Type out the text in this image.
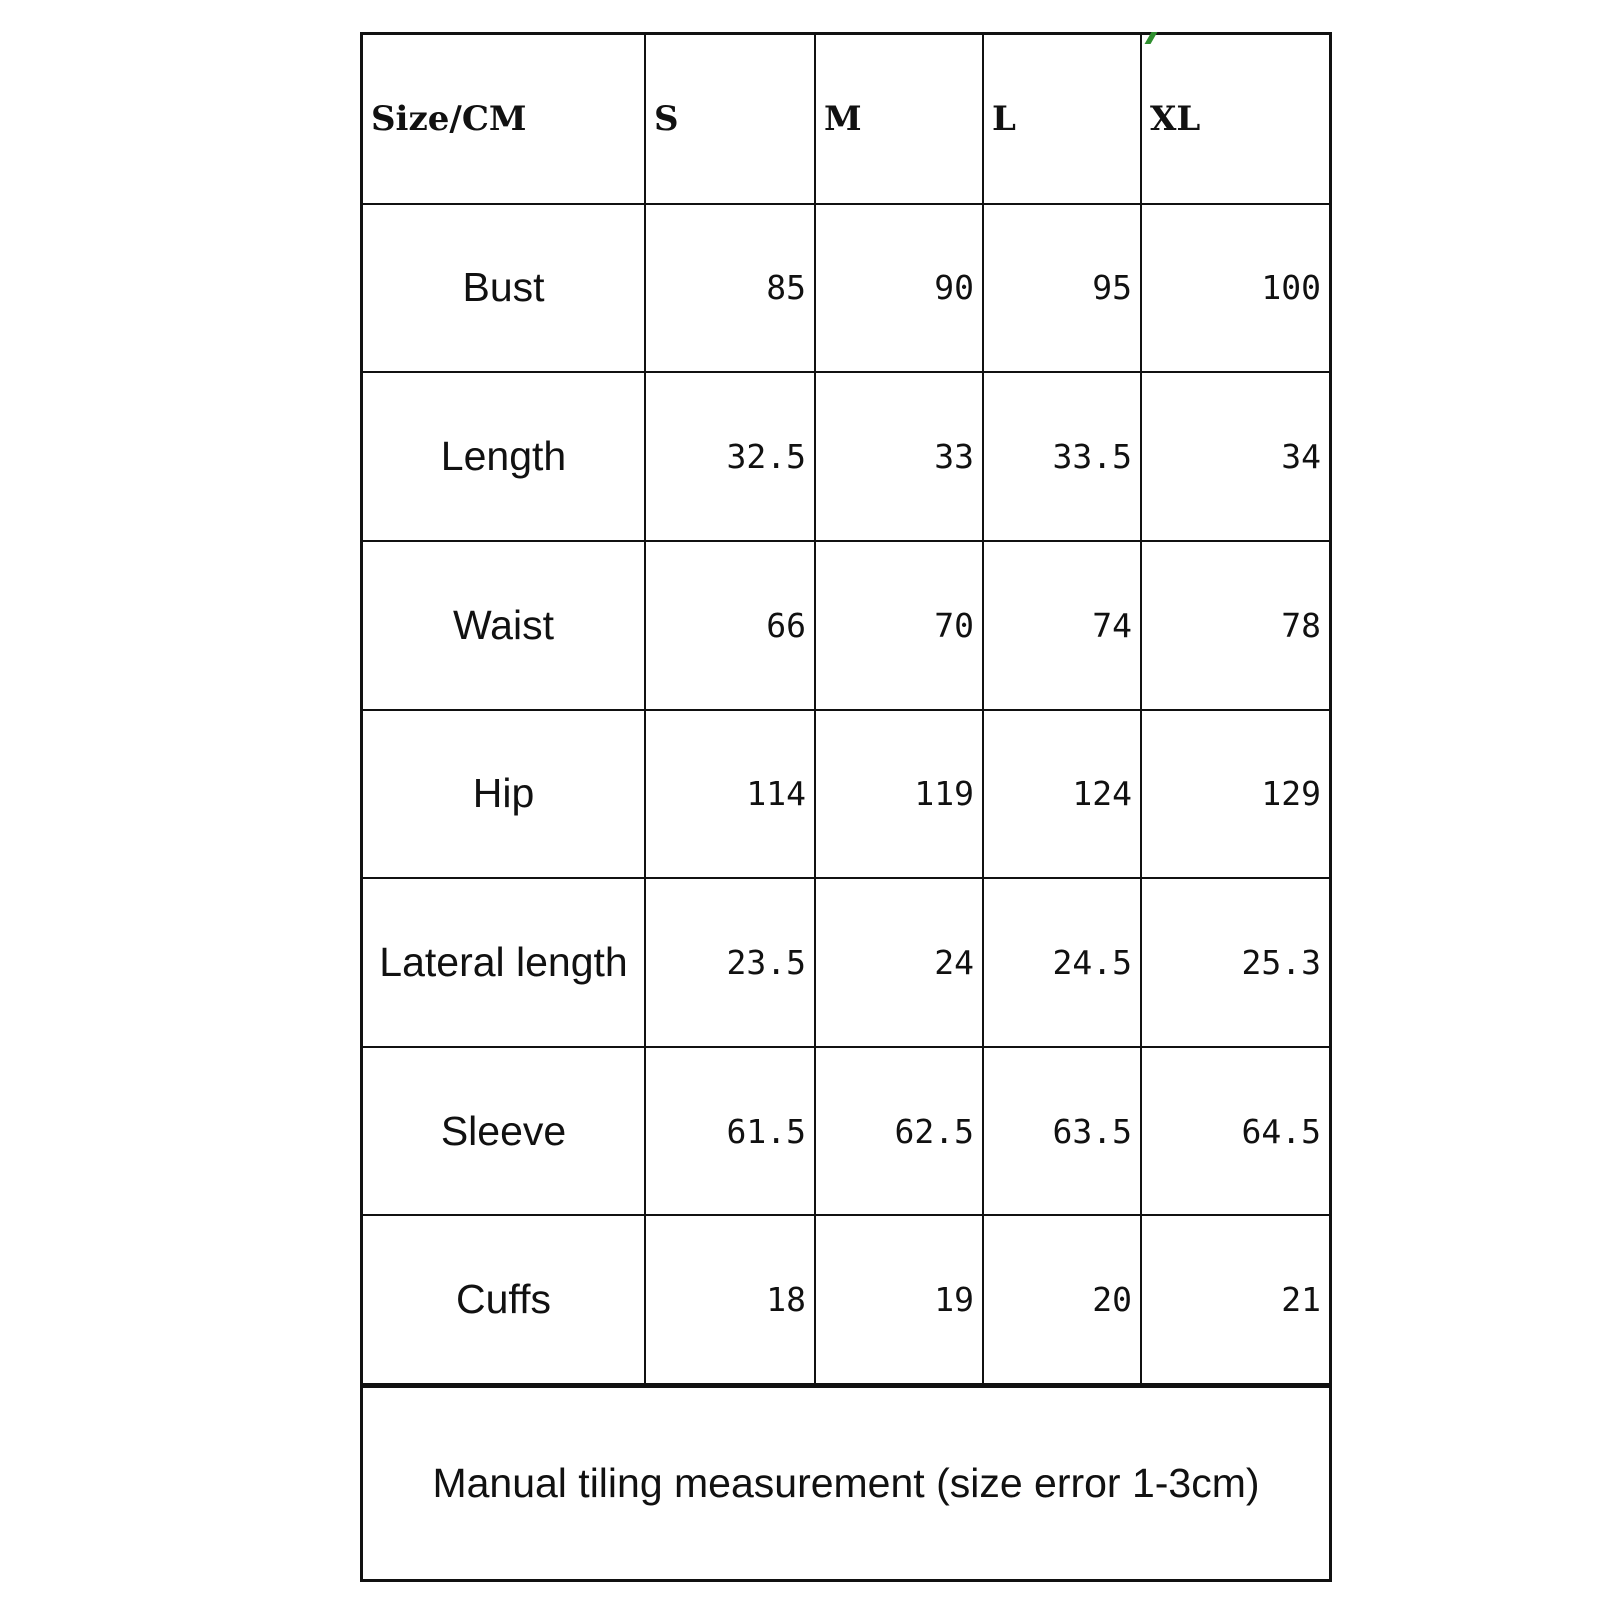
Size/CM	S	M	L	XL
Bust	85	90	95	100
Length	32.5	33	33.5	34
Waist	66	70	74	78
Hip	114	119	124	129
Lateral length	23.5	24	24.5	25.3
Sleeve	61.5	62.5	63.5	64.5
Cuffs	18	19	20	21
Manual tiling measurement (size error 1-3cm)
